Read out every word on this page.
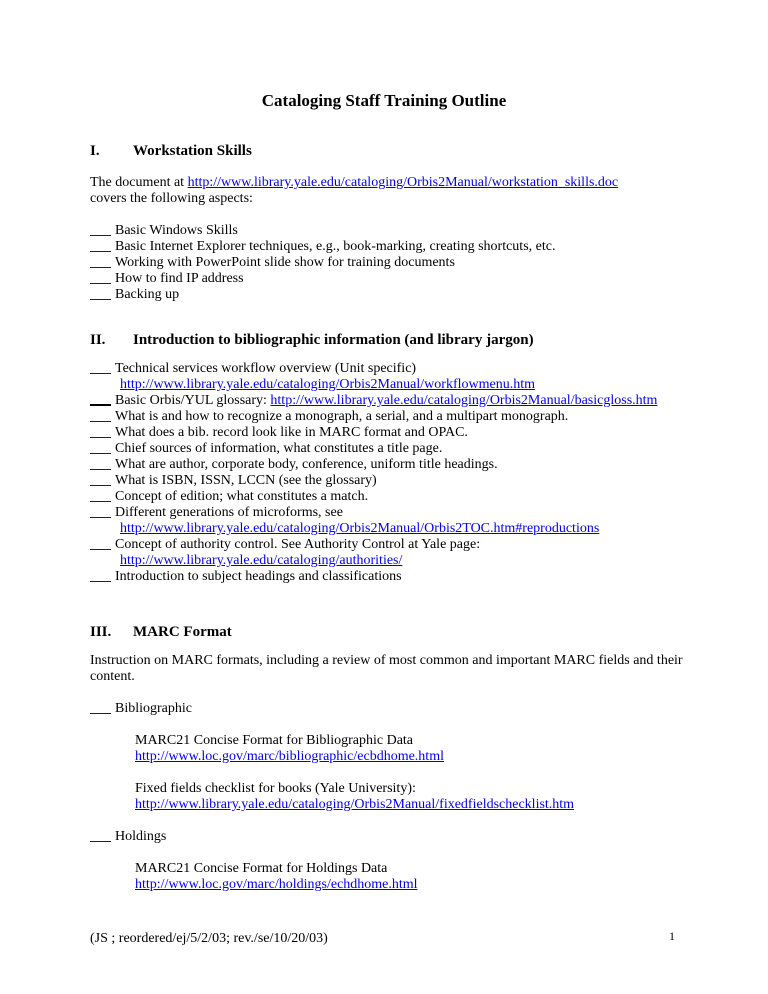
Cataloging Staff Training Outline
I.	Workstation Skills
The document at http://www.library.yale.edu/cataloging/Orbis2Manual/workstation_skills.doc
covers the following aspects:
Basic Windows Skills
Basic Internet Explorer techniques, e.g., book-marking, creating shortcuts, etc.
Working with PowerPoint slide show for training documents
How to find IP address
Backing up
II.	Introduction to bibliographic information (and library jargon)
Technical services workflow overview (Unit specific)
http://www.library.yale.edu/cataloging/Orbis2Manual/workflowmenu.htm
Basic Orbis/YUL glossary: http://www.library.yale.edu/cataloging/Orbis2Manual/basicgloss.htm
What is and how to recognize a monograph, a serial, and a multipart monograph.
What does a bib. record look like in MARC format and OPAC.
Chief sources of information, what constitutes a title page.
What are author, corporate body, conference, uniform title headings.
What is ISBN, ISSN, LCCN (see the glossary)
Concept of edition; what constitutes a match.
Different generations of microforms, see
http://www.library.yale.edu/cataloging/Orbis2Manual/Orbis2TOC.htm#reproductions
Concept of authority control. See Authority Control at Yale page:
http://www.library.yale.edu/cataloging/authorities/
Introduction to subject headings and classifications
III.	MARC Format
Instruction on MARC formats, including a review of most common and important MARC fields and their
content.
Bibliographic
MARC21 Concise Format for Bibliographic Data
http://www.loc.gov/marc/bibliographic/ecbdhome.html
Fixed fields checklist for books (Yale University):
http://www.library.yale.edu/cataloging/Orbis2Manual/fixedfieldschecklist.htm
Holdings
MARC21 Concise Format for Holdings Data
http://www.loc.gov/marc/holdings/echdhome.html
(JS ; reordered/ej/5/2/03; rev./se/10/20/03)	1
